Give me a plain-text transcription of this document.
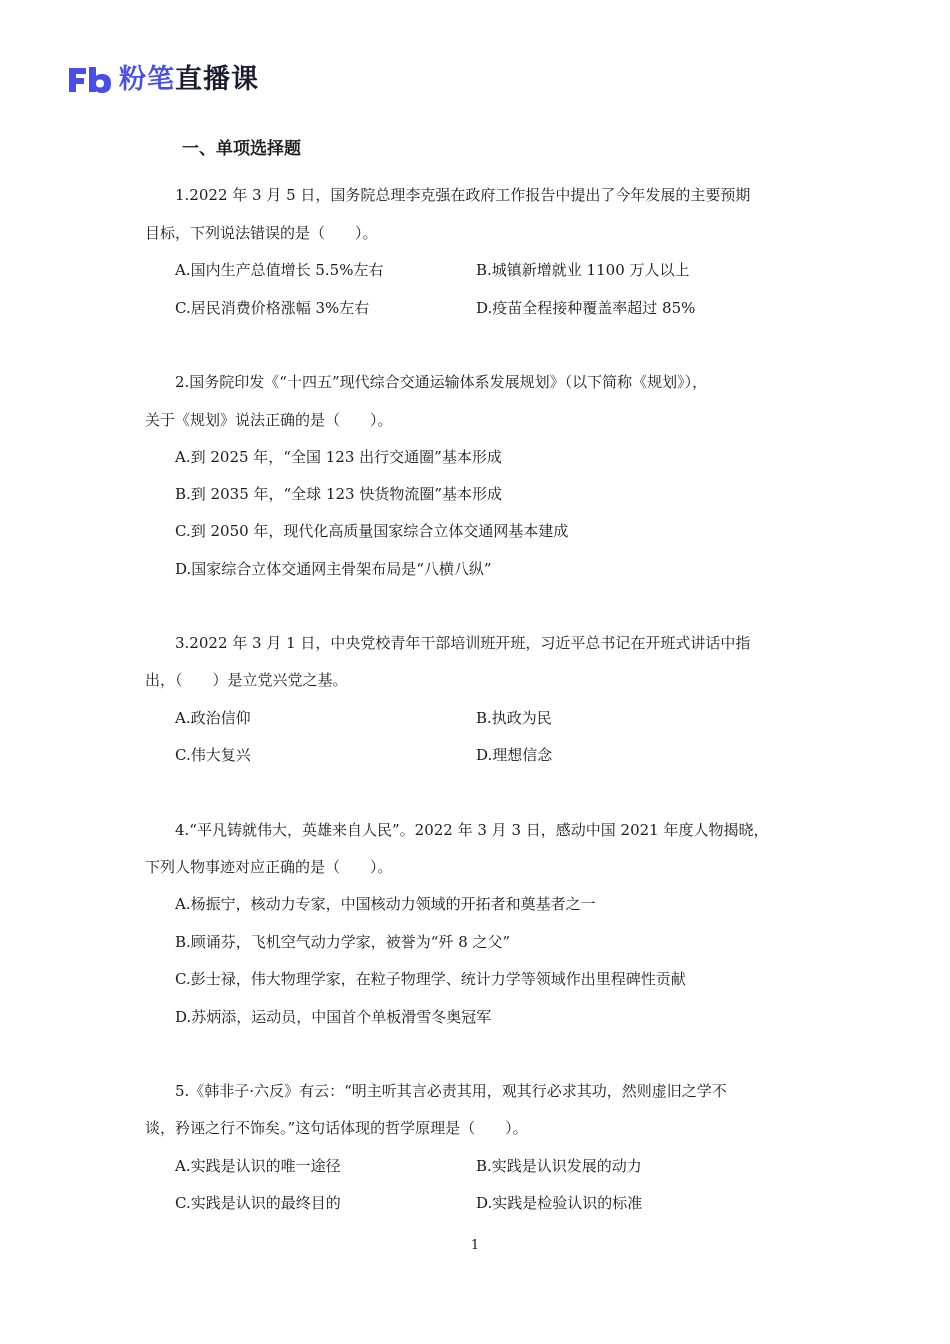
粉笔直播课
一、单项选择题
1.2022 年 3 月 5 日，国务院总理李克强在政府工作报告中提出了今年发展的主要预期
目标，下列说法错误的是（　　）。
A.国内生产总值增长 5.5%左右	B.城镇新增就业 1100 万人以上
C.居民消费价格涨幅 3%左右	D.疫苗全程接种覆盖率超过 85%
2.国务院印发《“十四五”现代综合交通运输体系发展规划》（以下简称《规划》），
关于《规划》说法正确的是（　　）。
A.到 2025 年，“全国 123 出行交通圈”基本形成
B.到 2035 年，“全球 123 快货物流圈”基本形成
C.到 2050 年，现代化高质量国家综合立体交通网基本建成
D.国家综合立体交通网主骨架布局是“八横八纵”
3.2022 年 3 月 1 日，中央党校青年干部培训班开班，习近平总书记在开班式讲话中指
出，（　　）是立党兴党之基。
A.政治信仰	B.执政为民
C.伟大复兴	D.理想信念
4.“平凡铸就伟大，英雄来自人民”。2022 年 3 月 3 日，感动中国 2021 年度人物揭晓，
下列人物事迹对应正确的是（　　）。
A.杨振宁，核动力专家，中国核动力领域的开拓者和奠基者之一
B.顾诵芬，飞机空气动力学家，被誉为“歼 8 之父”
C.彭士禄，伟大物理学家，在粒子物理学、统计力学等领域作出里程碑性贡献
D.苏炳添，运动员，中国首个单板滑雪冬奥冠军
5.《韩非子·六反》有云：“明主听其言必责其用，观其行必求其功，然则虚旧之学不
谈，矜诬之行不饰矣。”这句话体现的哲学原理是（　　）。
A.实践是认识的唯一途径	B.实践是认识发展的动力
C.实践是认识的最终目的	D.实践是检验认识的标准
1
